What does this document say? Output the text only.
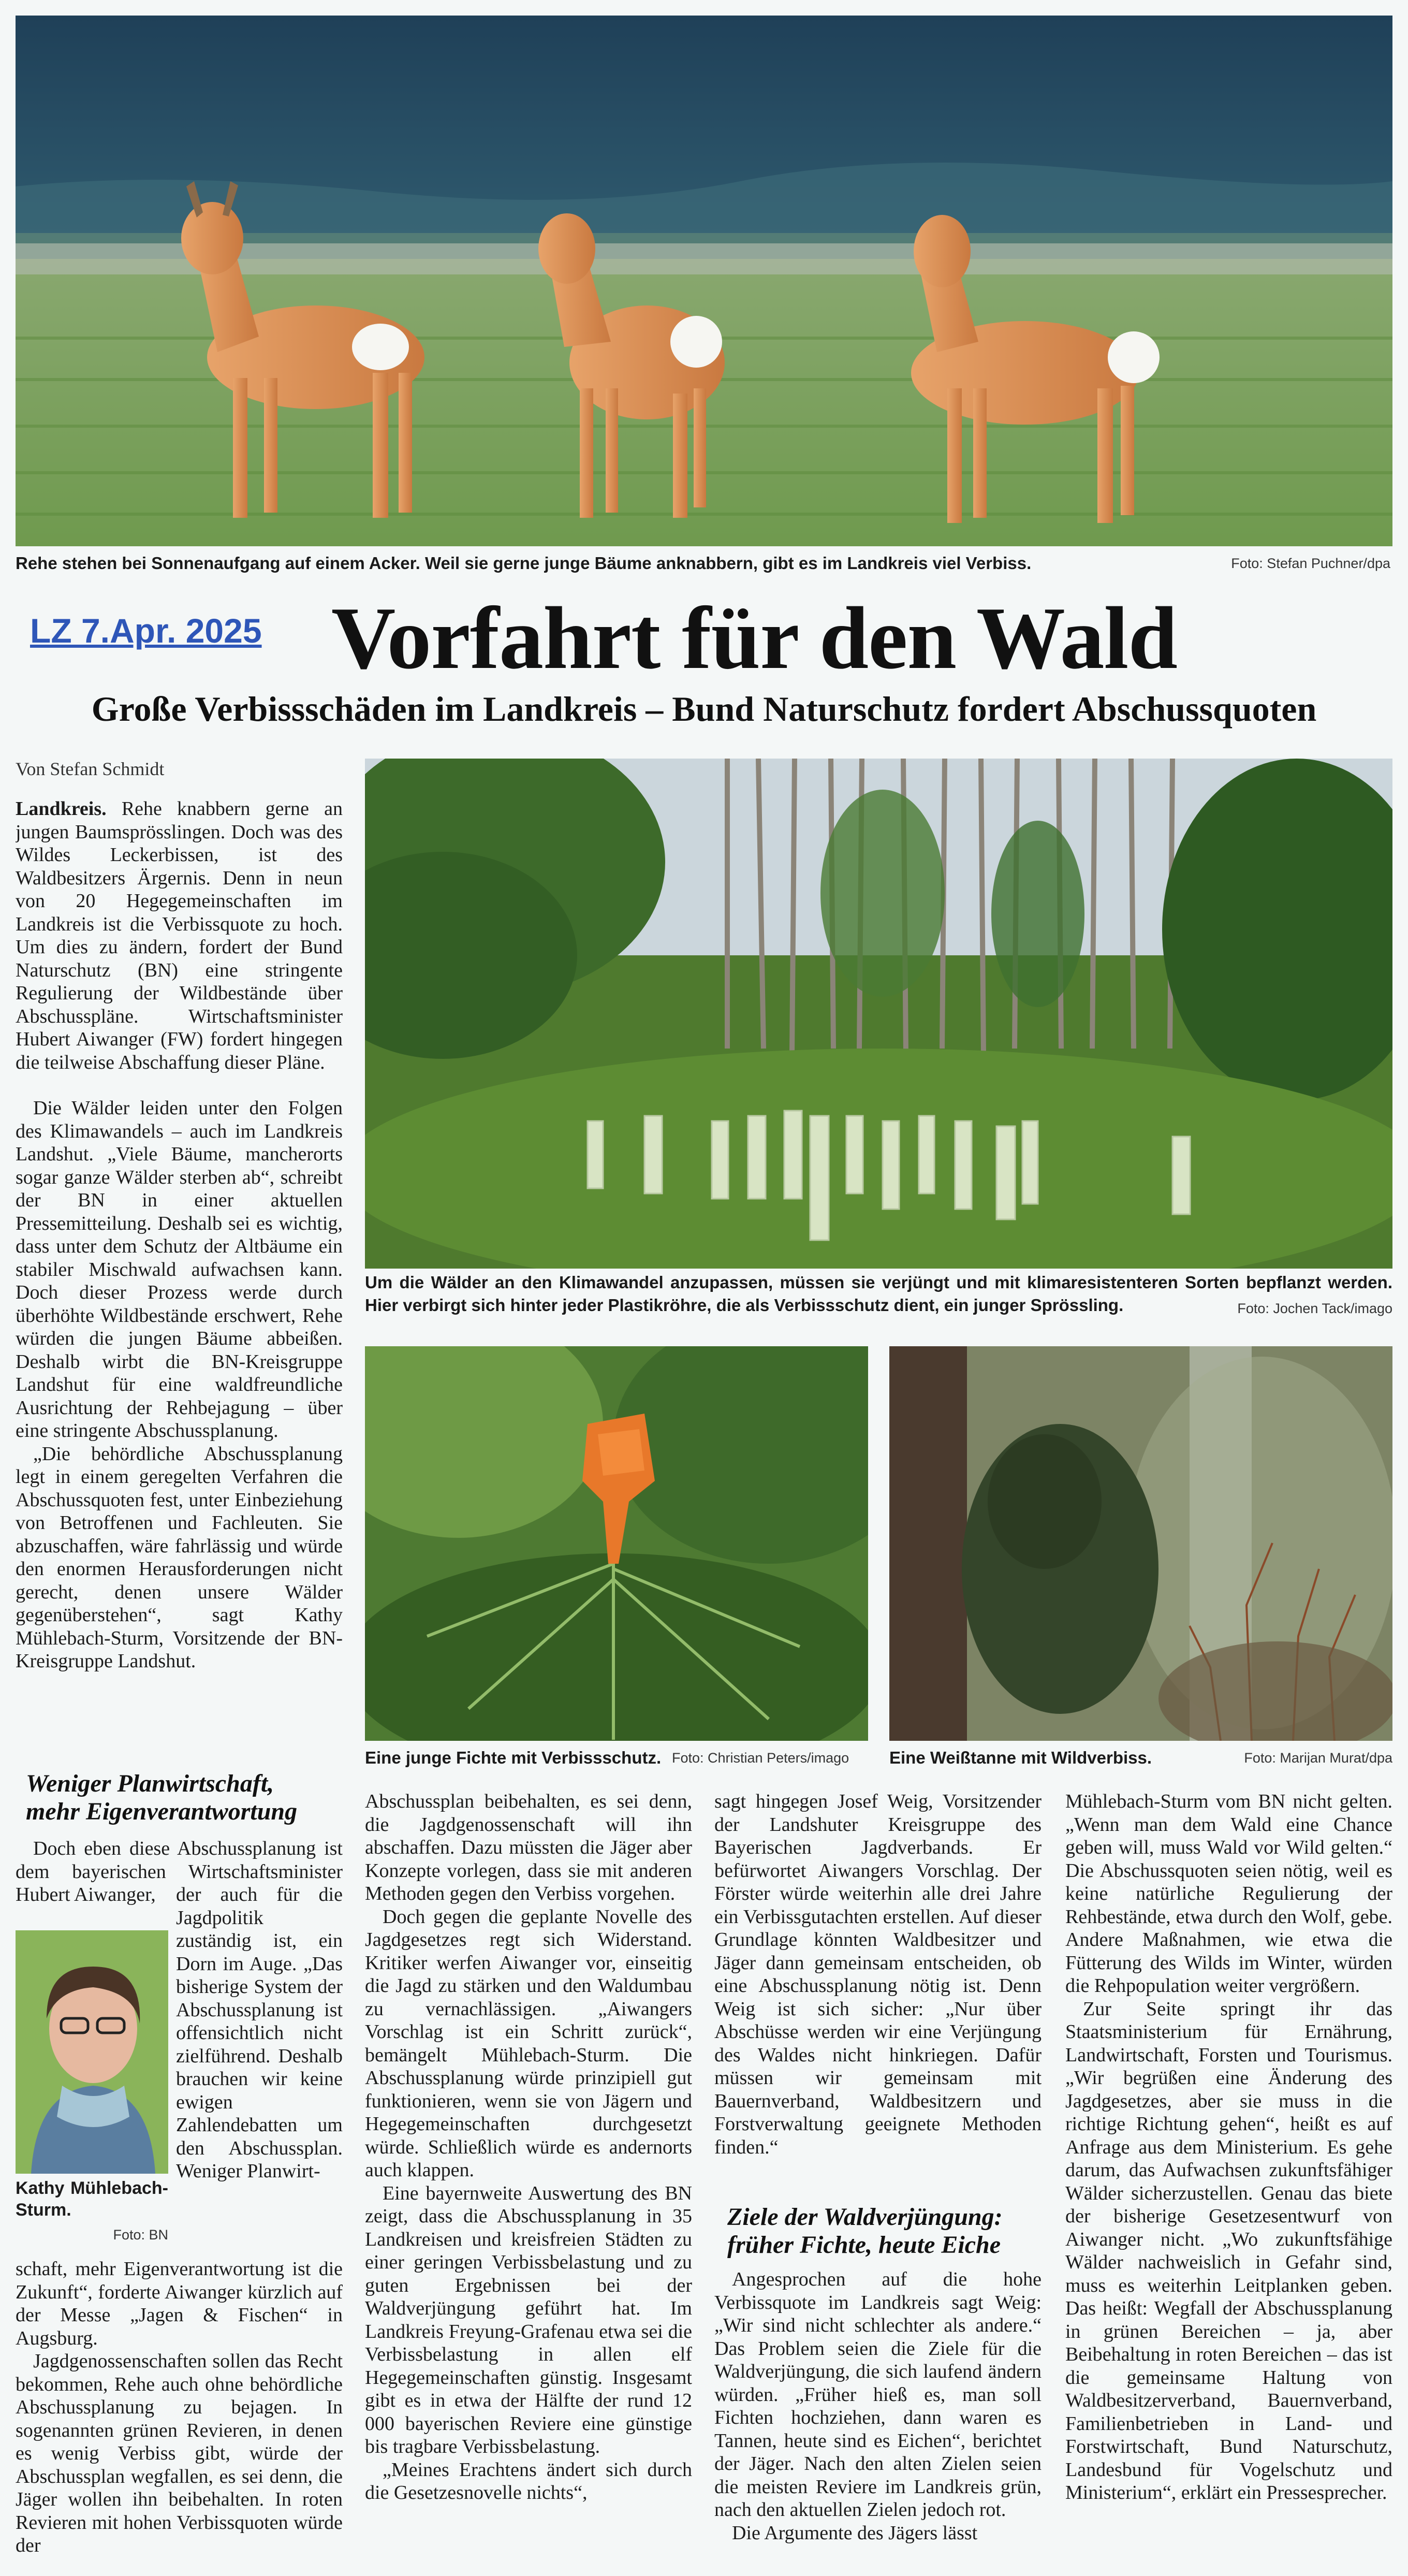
Rehe stehen bei Sonnenaufgang auf einem Acker. Weil sie gerne junge Bäume anknabbern, gibt es im Landkreis viel Verbiss.	Foto: Stefan Puchner/dpa
LZ 7.Apr. 2025 Vorfahrt für den Wald
Große Verbissschäden im Landkreis – Bund Naturschutz fordert Abschussquoten
Von Stefan Schmidt

Landkreis. Rehe knabbern gerne an jungen Baumsprösslingen. Doch was des Wildes Leckerbissen, ist des Waldbesitzers Ärgernis. Denn in neun von 20 Hegegemeinschaften im Landkreis ist die Verbissquote zu hoch. Um dies zu ändern, fordert der Bund Naturschutz (BN) eine stringente Regulierung der Wildbestände über Abschusspläne. Wirtschaftsminister Hubert Aiwanger (FW) fordert hingegen die teilweise Abschaffung dieser Pläne.

Die Wälder leiden unter den Folgen des Klimawandels – auch im Landkreis Landshut. „Viele Bäume, mancherorts sogar ganze Wälder sterben ab“, schreibt der BN in einer aktuellen Pressemitteilung. Deshalb sei es wichtig, dass unter dem Schutz der Altbäume ein stabiler Mischwald aufwachsen kann. Doch dieser Prozess werde durch überhöhte Wildbestände erschwert, Rehe würden die jungen Bäume abbeißen. Deshalb wirbt die BN-Kreisgruppe Landshut für eine waldfreundliche Ausrichtung der Rehbejagung – über eine stringente Abschussplanung.

„Die behördliche Abschussplanung legt in einem geregelten Verfahren die Abschussquoten fest, unter Einbeziehung von Betroffenen und Fachleuten. Sie abzuschaffen, wäre fahrlässig und würde den enormen Herausforderungen nicht gerecht, denen unsere Wälder gegenüberstehen“, sagt Kathy Mühlebach-Sturm, Vorsitzende der BN-Kreisgruppe Landshut.

Um die Wälder an den Klimawandel anzupassen, müssen sie verjüngt und mit klimaresistenteren Sorten bepflanzt werden. Hier verbirgt sich hinter jeder Plastikröhre, die als Verbissschutz dient, ein junger Sprössling.	Foto: Jochen Tack/imago
Eine junge Fichte mit Verbissschutz. Foto: Christian Peters/imago Eine Weißtanne mit Wildverbiss.	Foto: Marijan Murat/dpa
Weniger Planwirtschaft,
mehr Eigenverantwortung

Doch eben diese Abschussplanung ist dem bayerischen Wirtschaftsminister Hubert Aiwanger,

Kathy Mühlebach-Sturm.
Foto: BN

der auch für die Jagdpolitik zuständig ist, ein Dorn im Auge. „Das bisherige System der Abschussplanung ist offensichtlich nicht zielführend. Deshalb brauchen wir keine ewigen Zahlendebatten um den Abschussplan. Weniger Planwirt-

schaft, mehr Eigenverantwortung ist die Zukunft“, forderte Aiwanger kürzlich auf der Messe „Jagen & Fischen“ in Augsburg.

Jagdgenossenschaften sollen das Recht bekommen, Rehe auch ohne behördliche Abschussplanung zu bejagen. In sogenannten grünen Revieren, in denen es wenig Verbiss gibt, würde der Abschussplan wegfallen, es sei denn, die Jäger wollen ihn beibehalten. In roten Revieren mit hohen Verbissquoten würde der

Abschussplan beibehalten, es sei denn, die Jagdgenossenschaft will ihn abschaffen. Dazu müssten die Jäger aber Konzepte vorlegen, dass sie mit anderen Methoden gegen den Verbiss vorgehen.

Doch gegen die geplante Novelle des Jagdgesetzes regt sich Widerstand. Kritiker werfen Aiwanger vor, einseitig die Jagd zu stärken und den Waldumbau zu vernachlässigen. „Aiwangers Vorschlag ist ein Schritt zurück“, bemängelt Mühlebach-Sturm. Die Abschussplanung würde prinzipiell gut funktionieren, wenn sie von Jägern und Hegegemeinschaften durchgesetzt würde. Schließlich würde es andernorts auch klappen.

Eine bayernweite Auswertung des BN zeigt, dass die Abschussplanung in 35 Landkreisen und kreisfreien Städten zu einer geringen Verbissbelastung und zu guten Ergebnissen bei der Waldverjüngung geführt hat. Im Landkreis Freyung-Grafenau etwa sei die Verbissbelastung in allen elf Hegegemeinschaften günstig. Insgesamt gibt es in etwa der Hälfte der rund 12 000 bayerischen Reviere eine günstige bis tragbare Verbissbelastung.

„Meines Erachtens ändert sich durch die Gesetzesnovelle nichts“,

sagt hingegen Josef Weig, Vorsitzender der Landshuter Kreisgruppe des Bayerischen Jagdverbands. Er befürwortet Aiwangers Vorschlag. Der Förster würde weiterhin alle drei Jahre ein Verbissgutachten erstellen. Auf dieser Grundlage könnten Waldbesitzer und Jäger dann gemeinsam entscheiden, ob eine Abschussplanung nötig ist. Denn Weig ist sich sicher: „Nur über Abschüsse werden wir eine Verjüngung des Waldes nicht hinkriegen. Dafür müssen wir gemeinsam mit Bauernverband, Waldbesitzern und Forstverwaltung geeignete Methoden finden.“

Ziele der Waldverjüngung:
früher Fichte, heute Eiche

Angesprochen auf die hohe Verbissquote im Landkreis sagt Weig: „Wir sind nicht schlechter als andere.“ Das Problem seien die Ziele für die Waldverjüngung, die sich laufend ändern würden. „Früher hieß es, man soll Fichten hochziehen, dann waren es Tannen, heute sind es Eichen“, berichtet der Jäger. Nach den alten Zielen seien die meisten Reviere im Landkreis grün, nach den aktuellen Zielen jedoch rot.

Die Argumente des Jägers lässt

Mühlebach-Sturm vom BN nicht gelten. „Wenn man dem Wald eine Chance geben will, muss Wald vor Wild gelten.“ Die Abschussquoten seien nötig, weil es keine natürliche Regulierung der Rehbestände, etwa durch den Wolf, gebe. Andere Maßnahmen, wie etwa die Fütterung des Wilds im Winter, würden die Rehpopulation weiter vergrößern.

Zur Seite springt ihr das Staatsministerium für Ernährung, Landwirtschaft, Forsten und Tourismus. „Wir begrüßen eine Änderung des Jagdgesetzes, aber sie muss in die richtige Richtung gehen“, heißt es auf Anfrage aus dem Ministerium. Es gehe darum, das Aufwachsen zukunftsfähiger Wälder sicherzustellen. Genau das biete der bisherige Gesetzesentwurf von Aiwanger nicht. „Wo zukunftsfähige Wälder nachweislich in Gefahr sind, muss es weiterhin Leitplanken geben. Das heißt: Wegfall der Abschussplanung in grünen Bereichen – ja, aber Beibehaltung in roten Bereichen – das ist die gemeinsame Haltung von Waldbesitzerverband, Bauernverband, Familienbetrieben in Land- und Forstwirtschaft, Bund Naturschutz, Landesbund für Vogelschutz und Ministerium“, erklärt ein Pressesprecher.
